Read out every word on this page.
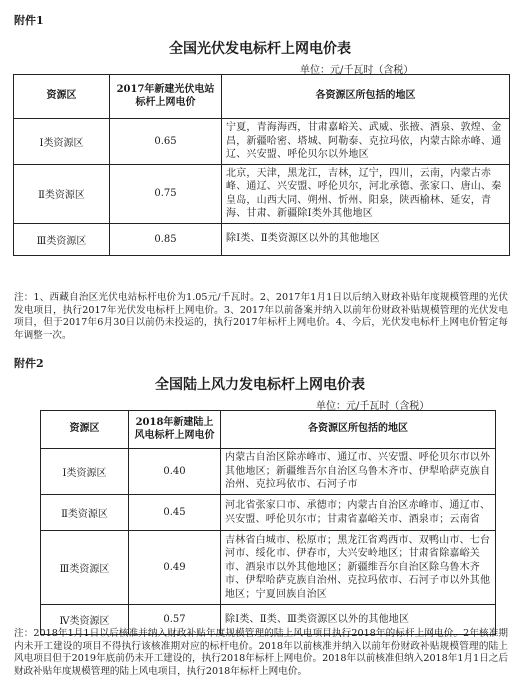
附件1
全国光伏发电标杆上网电价表
单位：元/千瓦时（含税）
资源区	2017年新建光伏电站标杆上网电价	各资源区所包括的地区
Ⅰ类资源区	0.65	宁夏，青海海西，甘肃嘉峪关、武威、张掖、酒泉、敦煌、金昌，新疆哈密、塔城、阿勒泰、克拉玛依，内蒙古除赤峰、通辽、兴安盟、呼伦贝尔以外地区
Ⅱ类资源区	0.75	北京，天津，黑龙江，吉林，辽宁，四川，云南，内蒙古赤峰、通辽、兴安盟、呼伦贝尔，河北承德、张家口、唐山、秦皇岛，山西大同、朔州、忻州、阳泉，陕西榆林、延安，青海、甘肃、新疆除Ⅰ类外其他地区
Ⅲ类资源区	0.85	除Ⅰ类、Ⅱ类资源区以外的其他地区
注：1、西藏自治区光伏电站标杆电价为1.05元/千瓦时。2、2017年1月1日以后纳入财政补贴年度规模管理的光伏发电项目，执行2017年光伏发电标杆上网电价。3、2017年以前备案并纳入以前年份财政补贴规模管理的光伏发电项目，但于2017年6月30日以前仍未投运的，执行2017年标杆上网电价。4、今后，光伏发电标杆上网电价暂定每年调整一次。
附件2
全国陆上风力发电标杆上网电价表
单位：元/千瓦时（含税）
资源区	2018年新建陆上风电标杆上网电价	各资源区所包括的地区
Ⅰ类资源区	0.40	内蒙古自治区除赤峰市、通辽市、兴安盟、呼伦贝尔市以外其他地区；新疆维吾尔自治区乌鲁木齐市、伊犁哈萨克族自治州、克拉玛依市、石河子市
Ⅱ类资源区	0.45	河北省张家口市、承德市；内蒙古自治区赤峰市、通辽市、兴安盟、呼伦贝尔市；甘肃省嘉峪关市、酒泉市；云南省
Ⅲ类资源区	0.49	吉林省白城市、松原市；黑龙江省鸡西市、双鸭山市、七台河市、绥化市、伊春市，大兴安岭地区；甘肃省除嘉峪关市、酒泉市以外其他地区；新疆维吾尔自治区除乌鲁木齐市、伊犁哈萨克族自治州、克拉玛依市、石河子市以外其他地区；宁夏回族自治区
Ⅳ类资源区	0.57	除Ⅰ类、Ⅱ类、Ⅲ类资源区以外的其他地区
注：2018年1月1日以后核准并纳入财政补贴年度规模管理的陆上风电项目执行2018年的标杆上网电价。2年核准期内未开工建设的项目不得执行该核准期对应的标杆电价。2018年以前核准并纳入以前年份财政补贴规模管理的陆上风电项目但于2019年底前仍未开工建设的，执行2018年标杆上网电价。2018年以前核准但纳入2018年1月1日之后财政补贴年度规模管理的陆上风电项目，执行2018年标杆上网电价。
